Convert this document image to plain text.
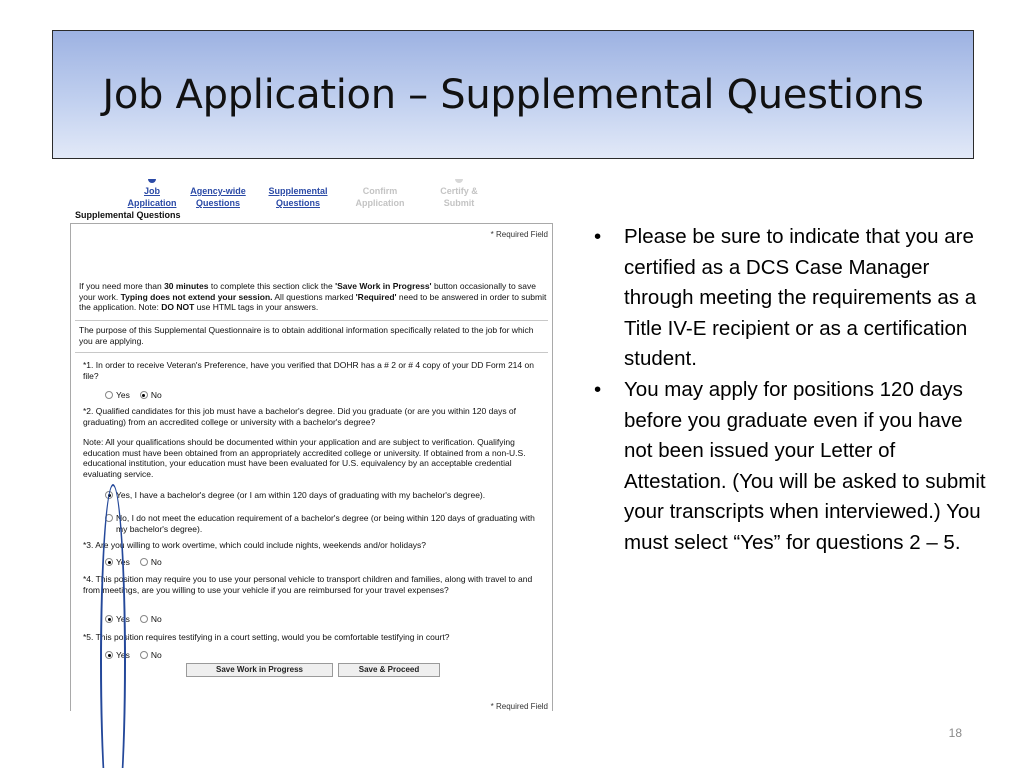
Job Application – Supplemental Questions
Job
Application
Agency-wide
Questions
Supplemental
Questions
Confirm
Application
Certify &
Submit
Supplemental Questions
* Required Field
If you need more than 30 minutes to complete this section click the 'Save Work in Progress' button occasionally to save your work. Typing does not extend your session. All questions marked 'Required' need to be answered in order to submit the application. Note: DO NOT use HTML tags in your answers.
The purpose of this Supplemental Questionnaire is to obtain additional information specifically related to the job for which you are applying.
*1. In order to receive Veteran's Preference, have you verified that DOHR has a # 2 or # 4 copy of your DD Form 214 on file?
Yes No
*2. Qualified candidates for this job must have a bachelor's degree. Did you graduate (or are you within 120 days of graduating) from an accredited college or university with a bachelor's degree?
Note: All your qualifications should be documented within your application and are subject to verification. Qualifying education must have been obtained from an appropriately accredited college or university. If obtained from a non-U.S. educational institution, your education must have been evaluated for U.S. equivalency by an acceptable credential evaluating service.
Yes, I have a bachelor's degree (or I am within 120 days of graduating with my bachelor's degree).
No, I do not meet the education requirement of a bachelor's degree (or being within 120 days of graduating with my bachelor's degree).
*3. Are you willing to work overtime, which could include nights, weekends and/or holidays?
Yes No
*4. This position may require you to use your personal vehicle to transport children and families, along with travel to and from meetings, are you willing to use your vehicle if you are reimbursed for your travel expenses?
Yes No
*5. This position requires testifying in a court setting, would you be comfortable testifying in court?
Yes No
Save Work in Progress	Save & Proceed
* Required Field
• Please be sure to indicate that you are certified as a DCS Case Manager through meeting the requirements as a Title IV-E recipient or as a certification student.
• You may apply for positions 120 days before you graduate even if you have not been issued your Letter of Attestation. (You will be asked to submit your transcripts when interviewed.) You must select “Yes” for questions 2 – 5.
18
